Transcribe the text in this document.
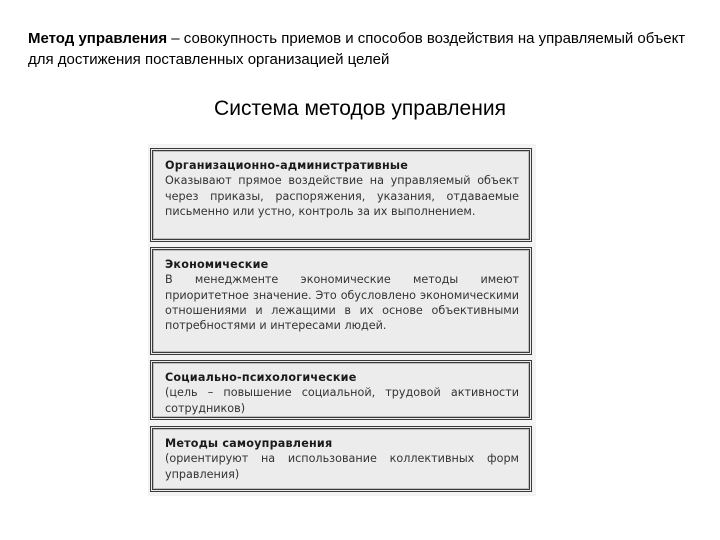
Метод управления – совокупность приемов и способов воздействия на управляемый объект для достижения поставленных организацией целей
Система методов управления
Организационно-административные
Оказывают прямое воздействие на управляемый объект через приказы, распоряжения, указания, отдаваемые письменно или устно, контроль за их выполнением.
Экономические
В менеджменте экономические методы имеют приоритетное значение. Это обусловлено экономическими отношениями и лежащими в их основе объективными потребностями и интересами людей.
Социально-психологические
(цель – повышение социальной, трудовой активности сотрудников)
Методы самоуправления
(ориентируют на использование коллективных форм управления)
